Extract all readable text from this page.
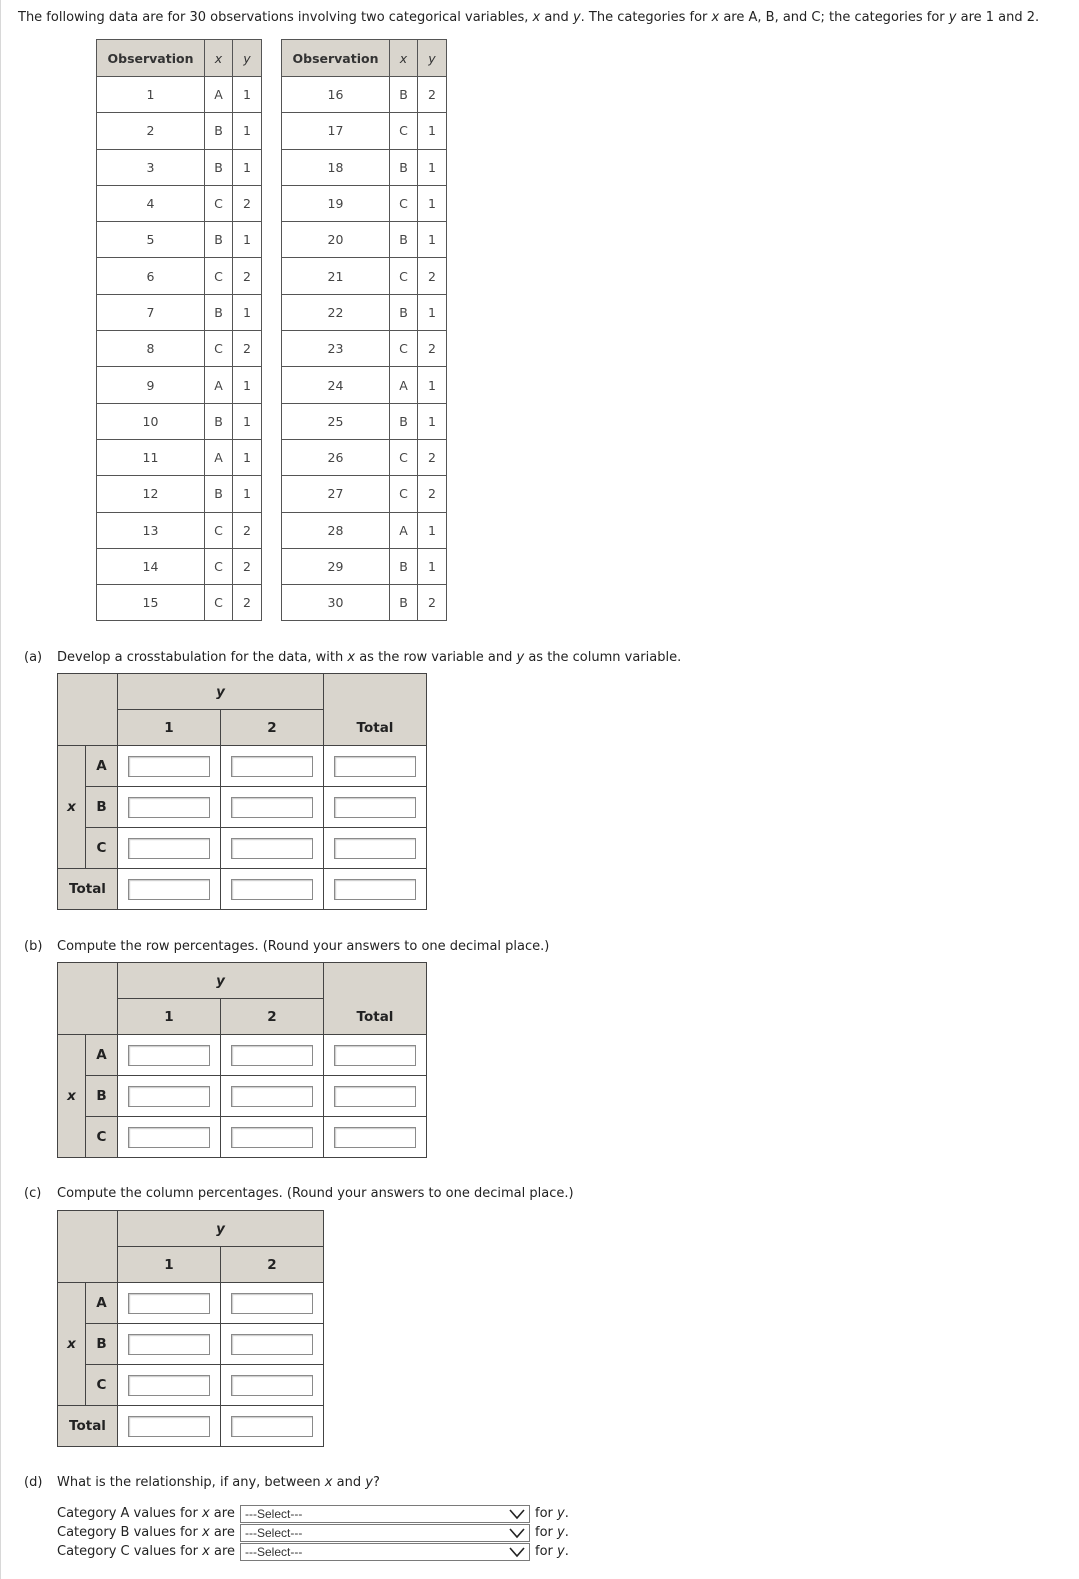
The following data are for 30 observations involving two categorical variables, x and y. The categories for x are A, B, and C; the categories for y are 1 and 2.
Observation	x	y
1	A	1
2	B	1
3	B	1
4	C	2
5	B	1
6	C	2
7	B	1
8	C	2
9	A	1
10	B	1
11	A	1
12	B	1
13	C	2
14	C	2
15	C	2
Observation	x	y
16	B	2
17	C	1
18	B	1
19	C	1
20	B	1
21	C	2
22	B	1
23	C	2
24	A	1
25	B	1
26	C	2
27	C	2
28	A	1
29	B	1
30	B	2
(a) Develop a crosstabulation for the data, with x as the row variable and y as the column variable.
		y		Total
		1	2	
x	A			
	B			
	C			
Total			
(b) Compute the row percentages. (Round your answers to one decimal place.)
		y		Total
		1	2	
x	A			
	B			
	C			
(c) Compute the column percentages. (Round your answers to one decimal place.)
		y	
		1	2
x	A		
	B		
	C		
Total		
(d) What is the relationship, if any, between x and y?
Category A values for x are ---Select---	for y.
Category B values for x are ---Select---	for y.
Category C values for x are ---Select---	for y.
